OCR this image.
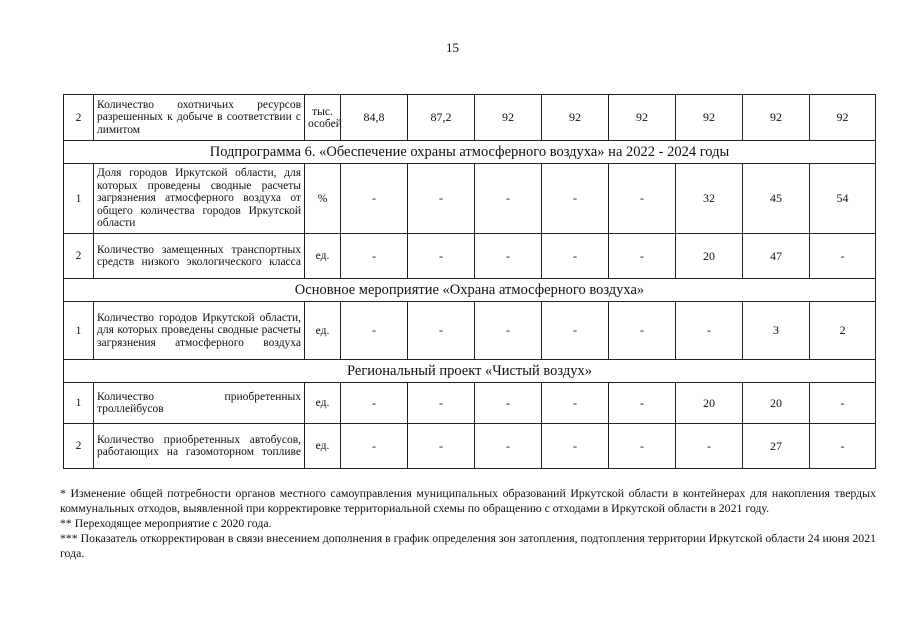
15
2	Количество охотничьих ресурсов разрешенных к добыче в соответствии с лимитом	тыс. особей	84,8	87,2	92	92	92	92	92	92
Подпрограмма 6. «Обеспечение охраны атмосферного воздуха» на 2022 - 2024 годы										
1	Доля городов Иркутской области, для которых проведены сводные расчеты загрязнения атмосферного воздуха от общего количества городов Иркутской области	%	-	-	-	-	-	32	45	54
2	Количество замещенных транспортных средств низкого экологического класса	ед.	-	-	-	-	-	20	47	-
Основное мероприятие «Охрана атмосферного воздуха»										
1	Количество городов Иркутской области, для которых проведены сводные расчеты загрязнения атмосферного воздуха	ед.	-	-	-	-	-	-	3	2
Региональный проект «Чистый воздух»										
1	Количество приобретенных троллейбусов	ед.	-	-	-	-	-	20	20	-
2	Количество приобретенных автобусов, работающих на газомоторном топливе	ед.	-	-	-	-	-	-	27	-

* Изменение общей потребности органов местного самоуправления муниципальных образований Иркутской области в контейнерах для накопления твердых коммунальных отходов, выявленной при корректировке территориальной схемы по обращению с отходами в Иркутской области в 2021 году.

** Переходящее мероприятие с 2020 года.

*** Показатель откорректирован в связи внесением дополнения в график определения зон затопления, подтопления территории Иркутской области 24 июня 2021 года.
